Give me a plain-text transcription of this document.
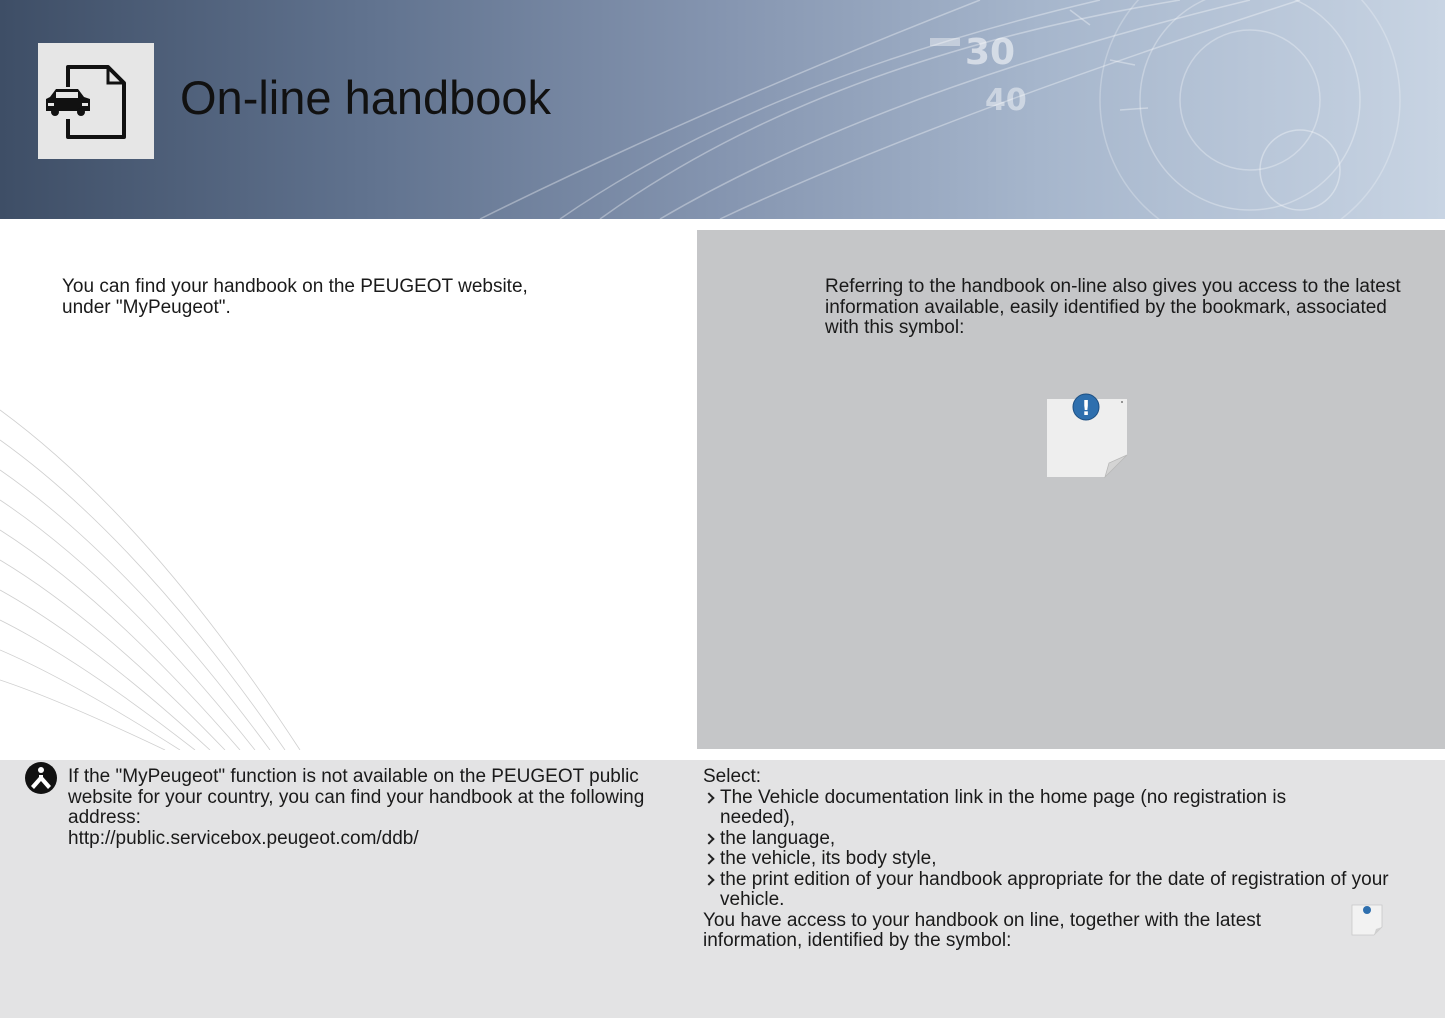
30
40
On-line handbook
You can find your handbook on the PEUGEOT website,
under "MyPeugeot".
Referring to the handbook on-line also gives you access to the latest information available, easily identified by the bookmark, associated with this symbol:
!
If the "MyPeugeot" function is not available on the PEUGEOT public website for your country, you can find your handbook at the following address:
http://public.servicebox.peugeot.com/ddb/
Select:
The Vehicle documentation link in the home page (no registration is needed),
the language,
the vehicle, its body style,
the print edition of your handbook appropriate for the date of registration of your vehicle.
You have access to your handbook on line, together with the latest information, identified by the symbol:
